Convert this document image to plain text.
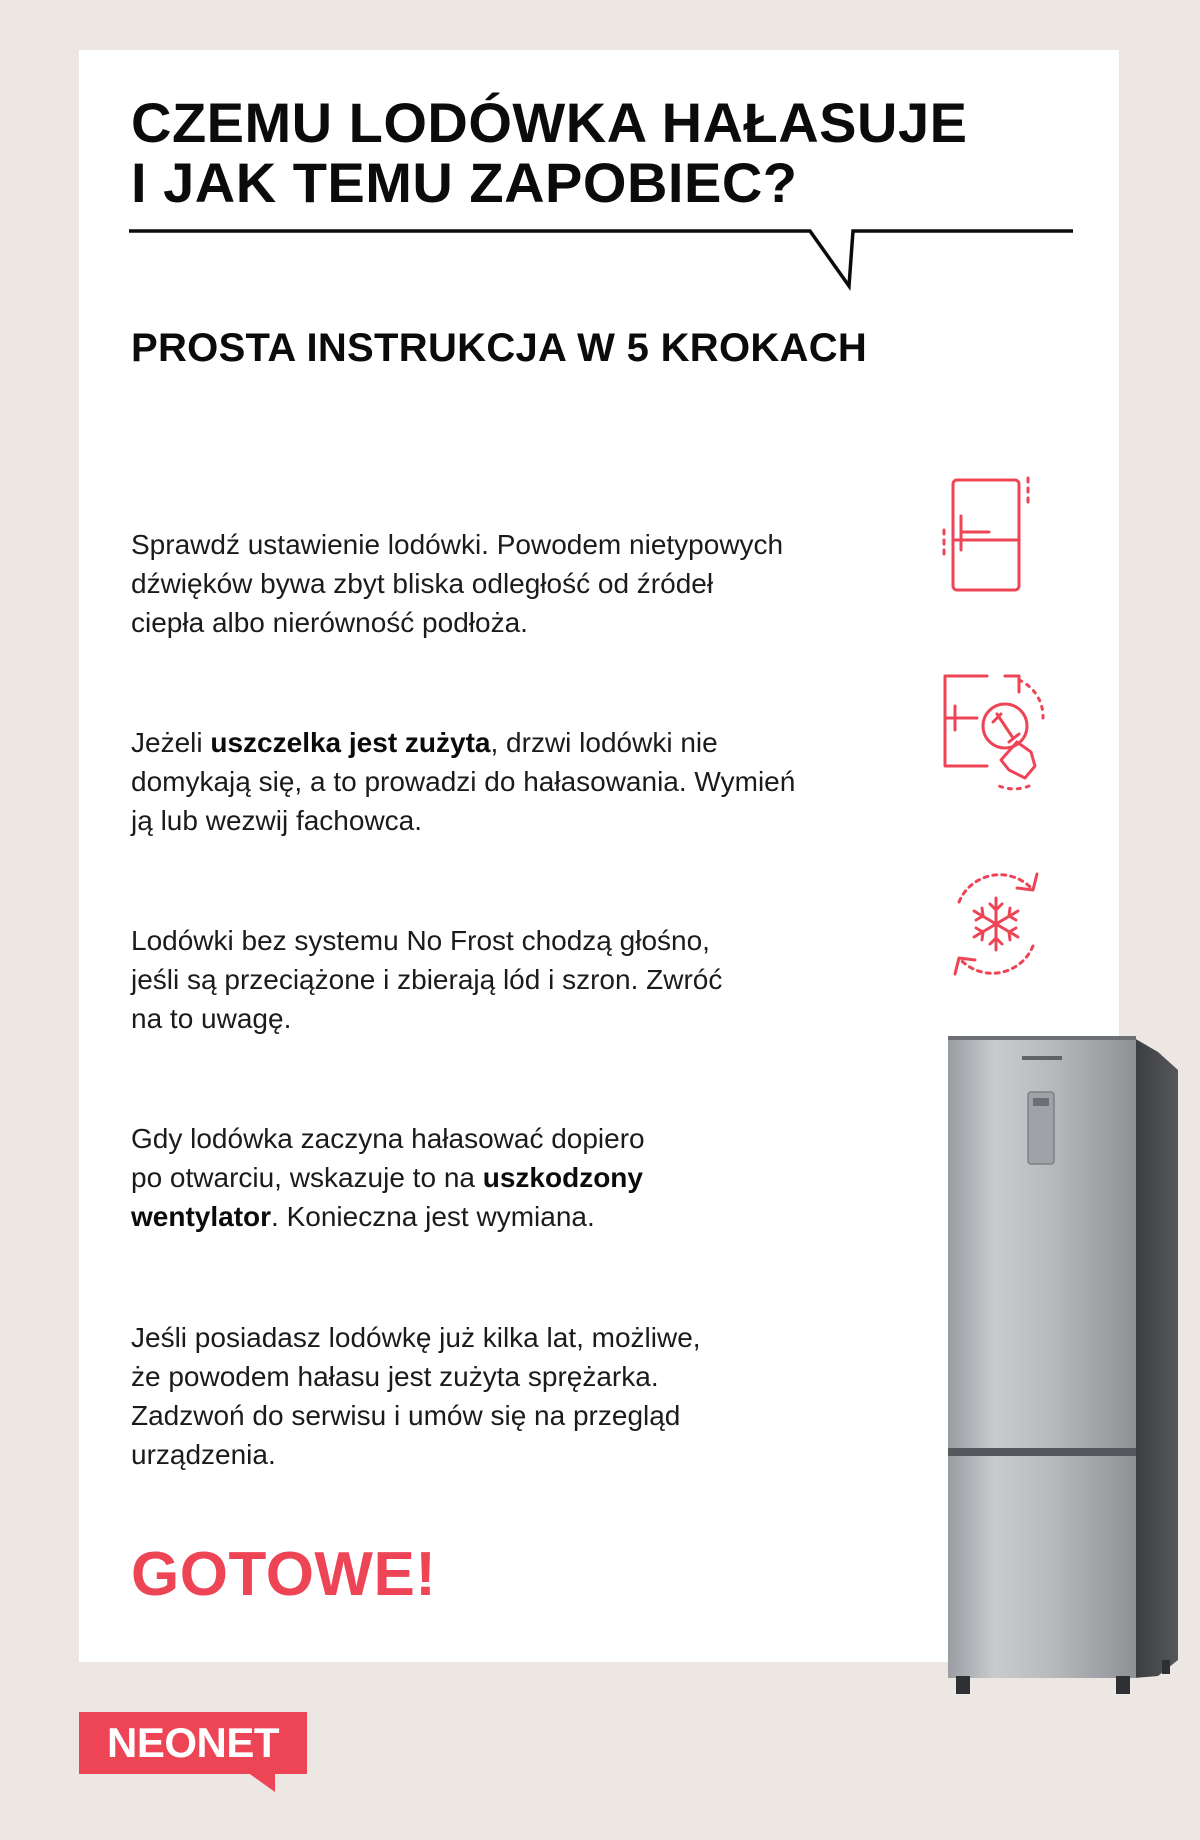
CZEMU LODÓWKA HAŁASUJE
I JAK TEMU ZAPOBIEC?
PROSTA INSTRUKCJA W 5 KROKACH

Sprawdź ustawienie lodówki. Powodem nietypowych
dźwięków bywa zbyt bliska odległość od źródeł
ciepła albo nierówność podłoża.

Jeżeli uszczelka jest zużyta, drzwi lodówki nie
domykają się, a to prowadzi do hałasowania. Wymień
ją lub wezwij fachowca.

Lodówki bez systemu No Frost chodzą głośno,
jeśli są przeciążone i zbierają lód i szron. Zwróć
na to uwagę.

Gdy lodówka zaczyna hałasować dopiero
po otwarciu, wskazuje to na uszkodzony
wentylator. Konieczna jest wymiana.

Jeśli posiadasz lodówkę już kilka lat, możliwe,
że powodem hałasu jest zużyta sprężarka.
Zadzwoń do serwisu i umów się na przegląd
urządzenia.

GOTOWE!

NEONET
